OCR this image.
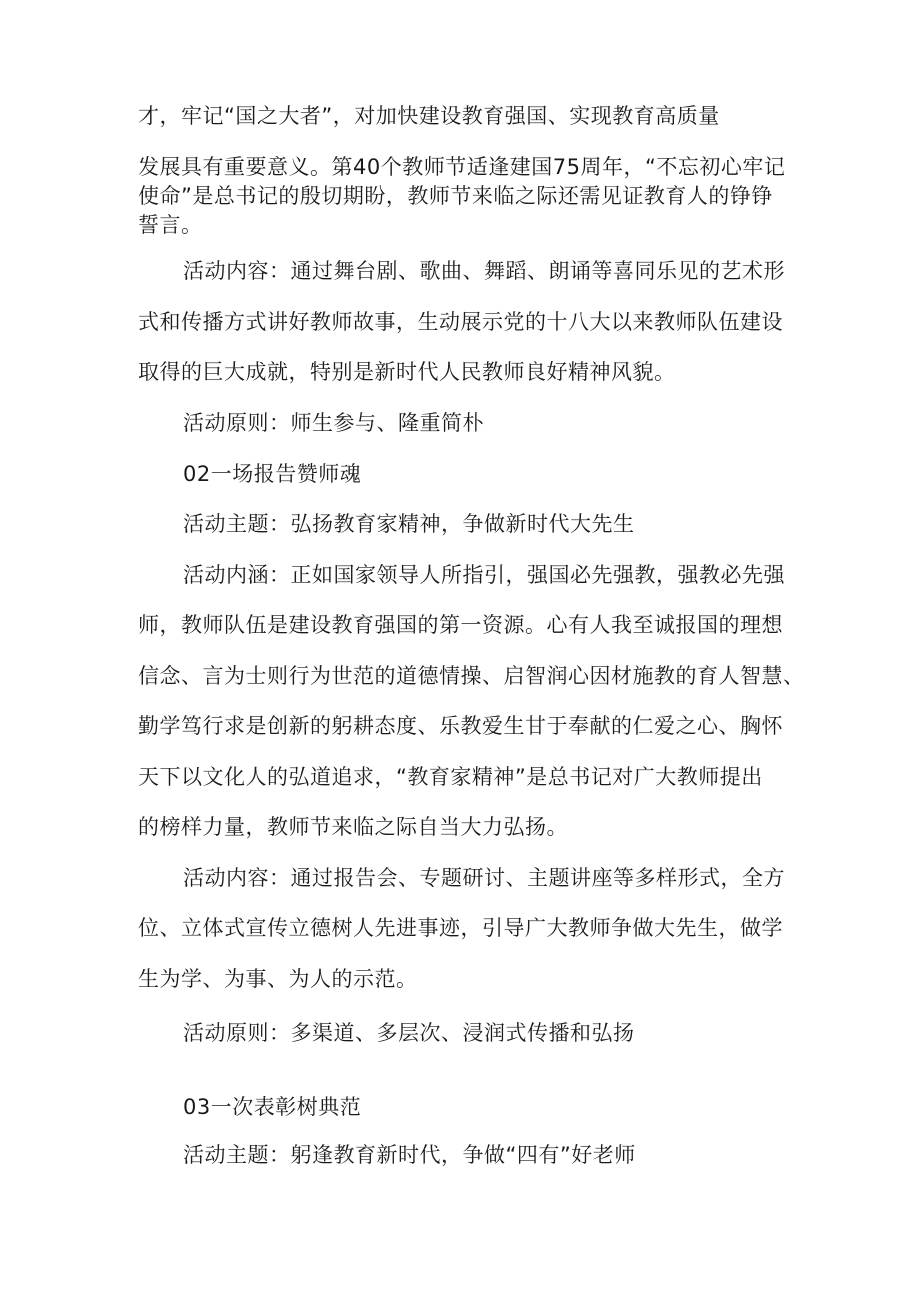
才，牢记“国之大者”，对加快建设教育强国、实现教育高质量
发展具有重要意义。第40个教师节适逢建国75周年，“不忘初心牢记
使命”是总书记的殷切期盼，教师节来临之际还需见证教育人的铮铮
誓言。
活动内容：通过舞台剧、歌曲、舞蹈、朗诵等喜同乐见的艺术形
式和传播方式讲好教师故事，生动展示党的十八大以来教师队伍建设
取得的巨大成就，特别是新时代人民教师良好精神风貌。
活动原则：师生参与、隆重简朴
02一场报告赞师魂
活动主题：弘扬教育家精神，争做新时代大先生
活动内涵：正如国家领导人所指引，强国必先强教，强教必先强
师，教师队伍是建设教育强国的第一资源。心有人我至诚报国的理想
信念、言为士则行为世范的道德情操、启智润心因材施教的育人智慧、
勤学笃行求是创新的躬耕态度、乐教爱生甘于奉献的仁爱之心、胸怀
天下以文化人的弘道追求，“教育家精神”是总书记对广大教师提出
的榜样力量，教师节来临之际自当大力弘扬。
活动内容：通过报告会、专题研讨、主题讲座等多样形式，全方
位、立体式宣传立德树人先进事迹，引导广大教师争做大先生，做学
生为学、为事、为人的示范。
活动原则：多渠道、多层次、浸润式传播和弘扬
03一次表彰树典范
活动主题：躬逢教育新时代，争做“四有”好老师
